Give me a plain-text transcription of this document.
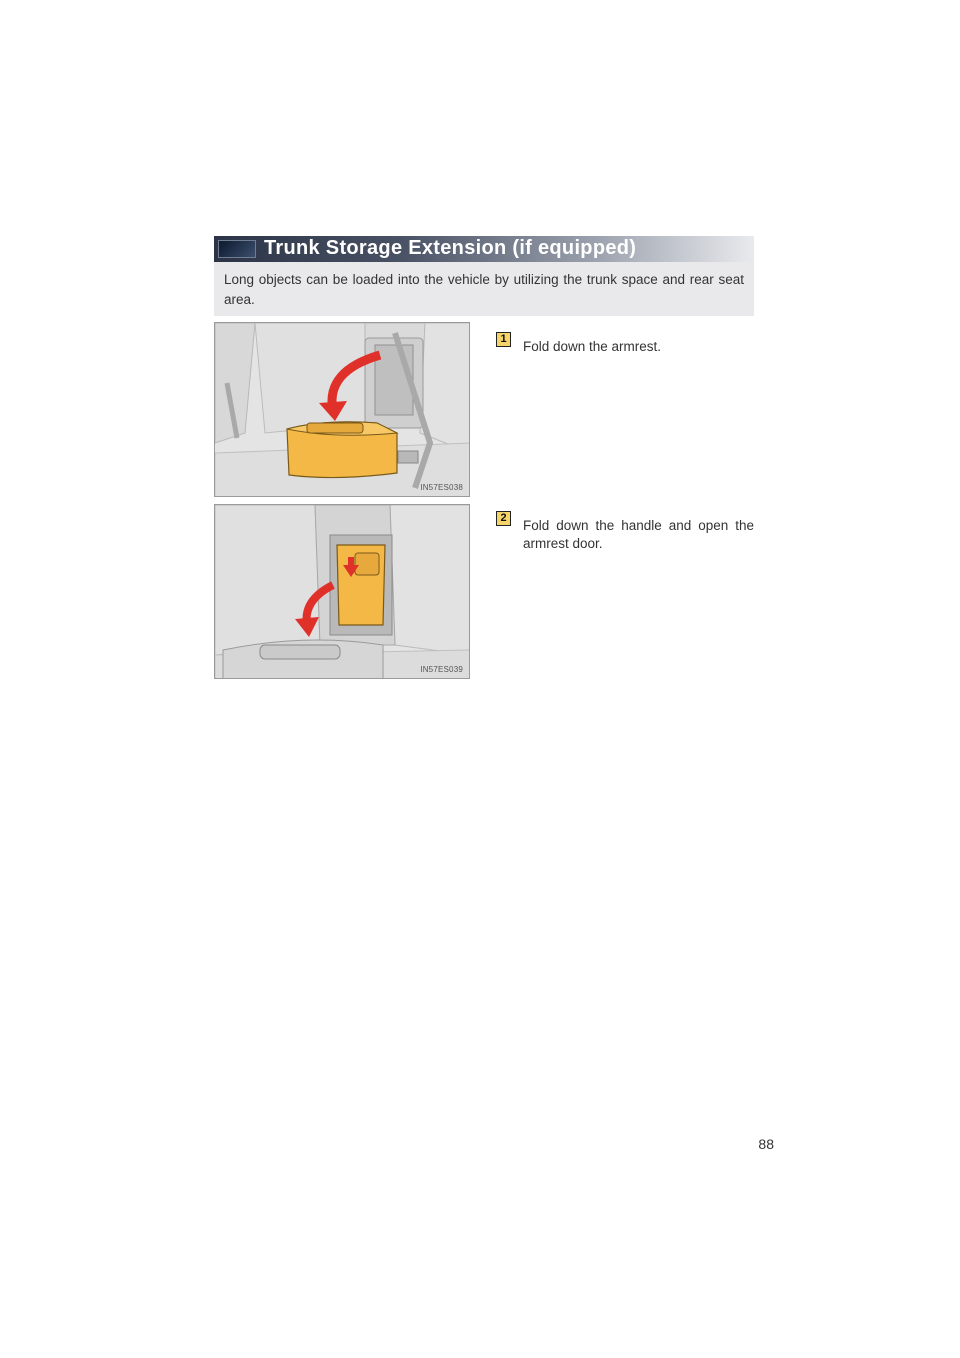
Trunk Storage Extension (if equipped)
Long objects can be loaded into the vehicle by utilizing the trunk space and rear seat area.
IN57ES038
IN57ES039
1	Fold down the armrest.
2	Fold down the handle and open the armrest door.
88
